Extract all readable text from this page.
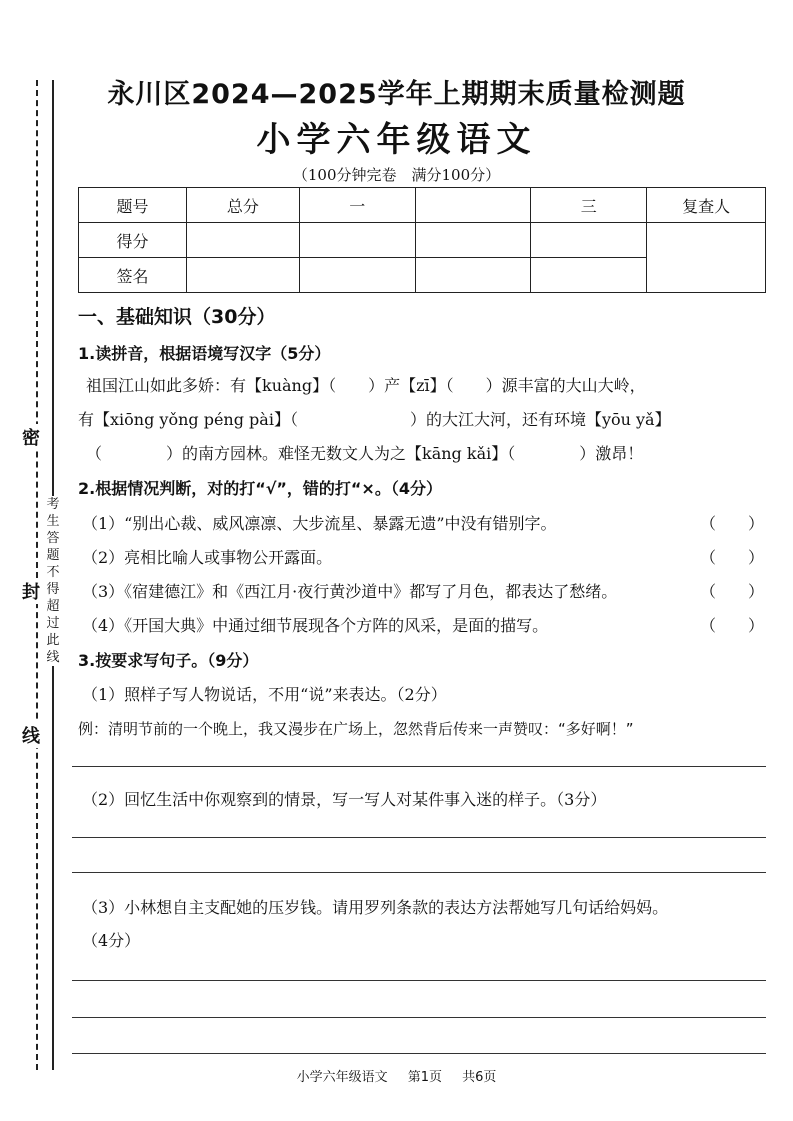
密
封
线
考生答题不得超过此线
永川区2024—2025学年上期期末质量检测题
小学六年级语文
（100分钟完卷　满分100分）
题号	总分	一		三	复查人
得分					
签名					
一、基础知识（30分）
1.读拼音，根据语境写汉字（5分）
祖国江山如此多娇：有【kuàng】（　　）产【zī】（　　）源丰富的大山大岭，
有【xiōng yǒng péng pài】（　　　　　　　）的大江大河，还有环境【yōu yǎ】
（　　　　）的南方园林。难怪无数文人为之【kāng kǎi】（　　　　）激昂！
2.根据情况判断，对的打“√”，错的打“×。（4分）
（1）“别出心裁、威风凛凛、大步流星、暴露无遗”中没有错别字。	（　　）
（2）亮相比喻人或事物公开露面。	（　　）
（3）《宿建德江》和《西江月·夜行黄沙道中》都写了月色，都表达了愁绪。	（　　）
（4）《开国大典》中通过细节展现各个方阵的风采，是面的描写。	（　　）
3.按要求写句子。（9分）
（1）照样子写人物说话，不用“说”来表达。（2分）
例：清明节前的一个晚上，我又漫步在广场上，忽然背后传来一声赞叹：“多好啊！”
（2）回忆生活中你观察到的情景，写一写人对某件事入迷的样子。（3分）
（3）小林想自主支配她的压岁钱。请用罗列条款的表达方法帮她写几句话给妈妈。
（4分）
小学六年级语文 第1页 共6页
